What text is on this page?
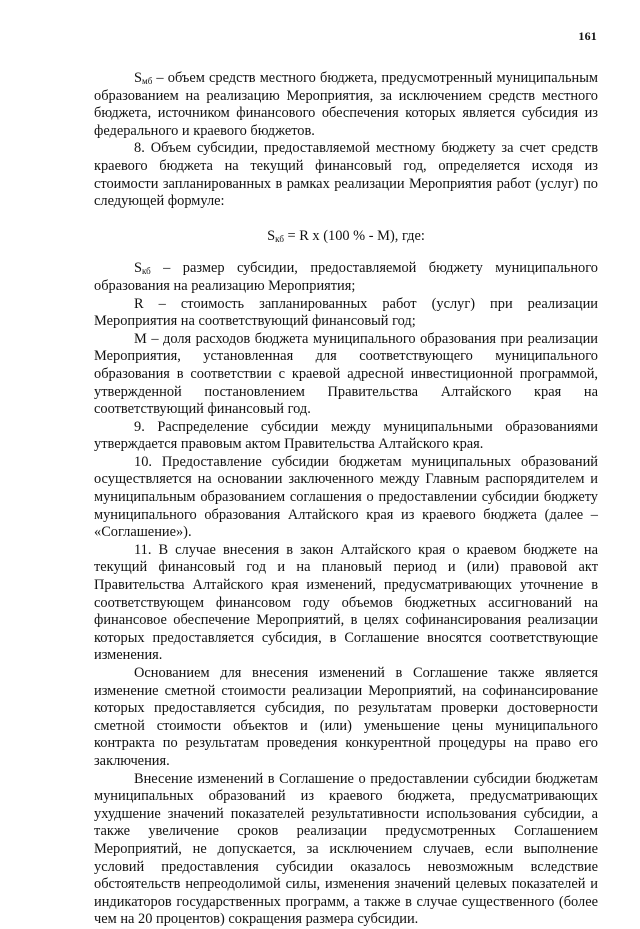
161

$S_{мб}$ – объем средств местного бюджета, предусмотренный муниципальным образованием на реализацию Мероприятия, за исключением средств местного бюджета, источником финансового обеспечения которых является субсидия из федерального и краевого бюджетов.

8. Объем субсидии, предоставляемой местному бюджету за счет средств краевого бюджета на текущий финансовый год, определяется исходя из стоимости запланированных в рамках реализации Мероприятия работ (услуг) по следующей формуле:

$S_{кб} = R$ x (100 % - M), где:

$S_{кб}$ – размер субсидии, предоставляемой бюджету муниципального образования на реализацию Мероприятия;

R – стоимость запланированных работ (услуг) при реализации Мероприятия на соответствующий финансовый год;

М – доля расходов бюджета муниципального образования при реализации Мероприятия, установленная для соответствующего муниципального образования в соответствии с краевой адресной инвестиционной программой, утвержденной постановлением Правительства Алтайского края на соответствующий финансовый год.

9. Распределение субсидии между муниципальными образованиями утверждается правовым актом Правительства Алтайского края.

10. Предоставление субсидии бюджетам муниципальных образований осуществляется на основании заключенного между Главным распорядителем и муниципальным образованием соглашения о предоставлении субсидии бюджету муниципального образования Алтайского края из краевого бюджета (далее – «Соглашение»).

11. В случае внесения в закон Алтайского края о краевом бюджете на текущий финансовый год и на плановый период и (или) правовой акт Правительства Алтайского края изменений, предусматривающих уточнение в соответствующем финансовом году объемов бюджетных ассигнований на финансовое обеспечение Мероприятий, в целях софинансирования реализации которых предоставляется субсидия, в Соглашение вносятся соответствующие изменения.

Основанием для внесения изменений в Соглашение также является изменение сметной стоимости реализации Мероприятий, на софинансирование которых предоставляется субсидия, по результатам проверки достоверности сметной стоимости объектов и (или) уменьшение цены муниципального контракта по результатам проведения конкурентной процедуры на право его заключения.

Внесение изменений в Соглашение о предоставлении субсидии бюджетам муниципальных образований из краевого бюджета, предусматривающих ухудшение значений показателей результативности использования субсидии, а также увеличение сроков реализации предусмотренных Соглашением Мероприятий, не допускается, за исключением случаев, если выполнение условий предоставления субсидии оказалось невозможным вследствие обстоятельств непреодолимой силы, изменения значений целевых показателей и индикаторов государственных программ, а также в случае существенного (более чем на 20 процентов) сокращения размера субсидии.
